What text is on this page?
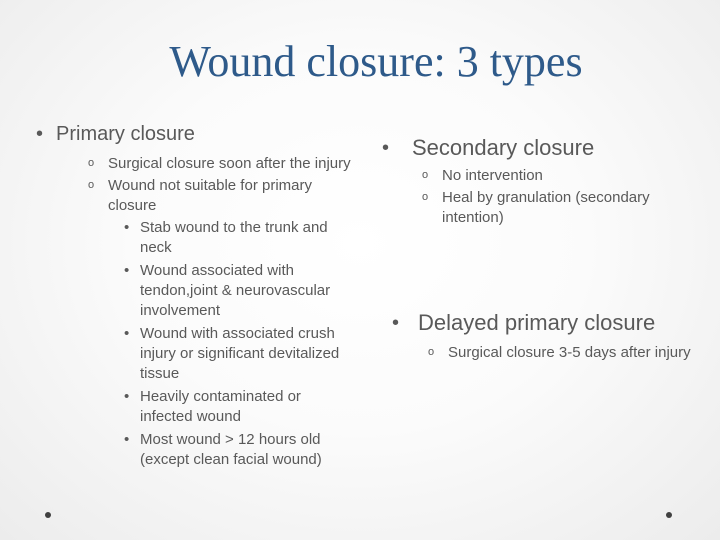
Wound closure: 3 types
• Primary closure
o Surgical closure soon after the injury
o Wound not suitable for primary closure
• Stab wound to the trunk and neck
• Wound associated with tendon,joint & neurovascular involvement
• Wound with associated crush injury or significant devitalized tissue
• Heavily contaminated or infected wound
• Most wound > 12 hours old (except clean facial wound)
• Secondary closure
o No intervention
o Heal by granulation (secondary intention)
• Delayed primary closure
o Surgical closure 3-5 days after injury
